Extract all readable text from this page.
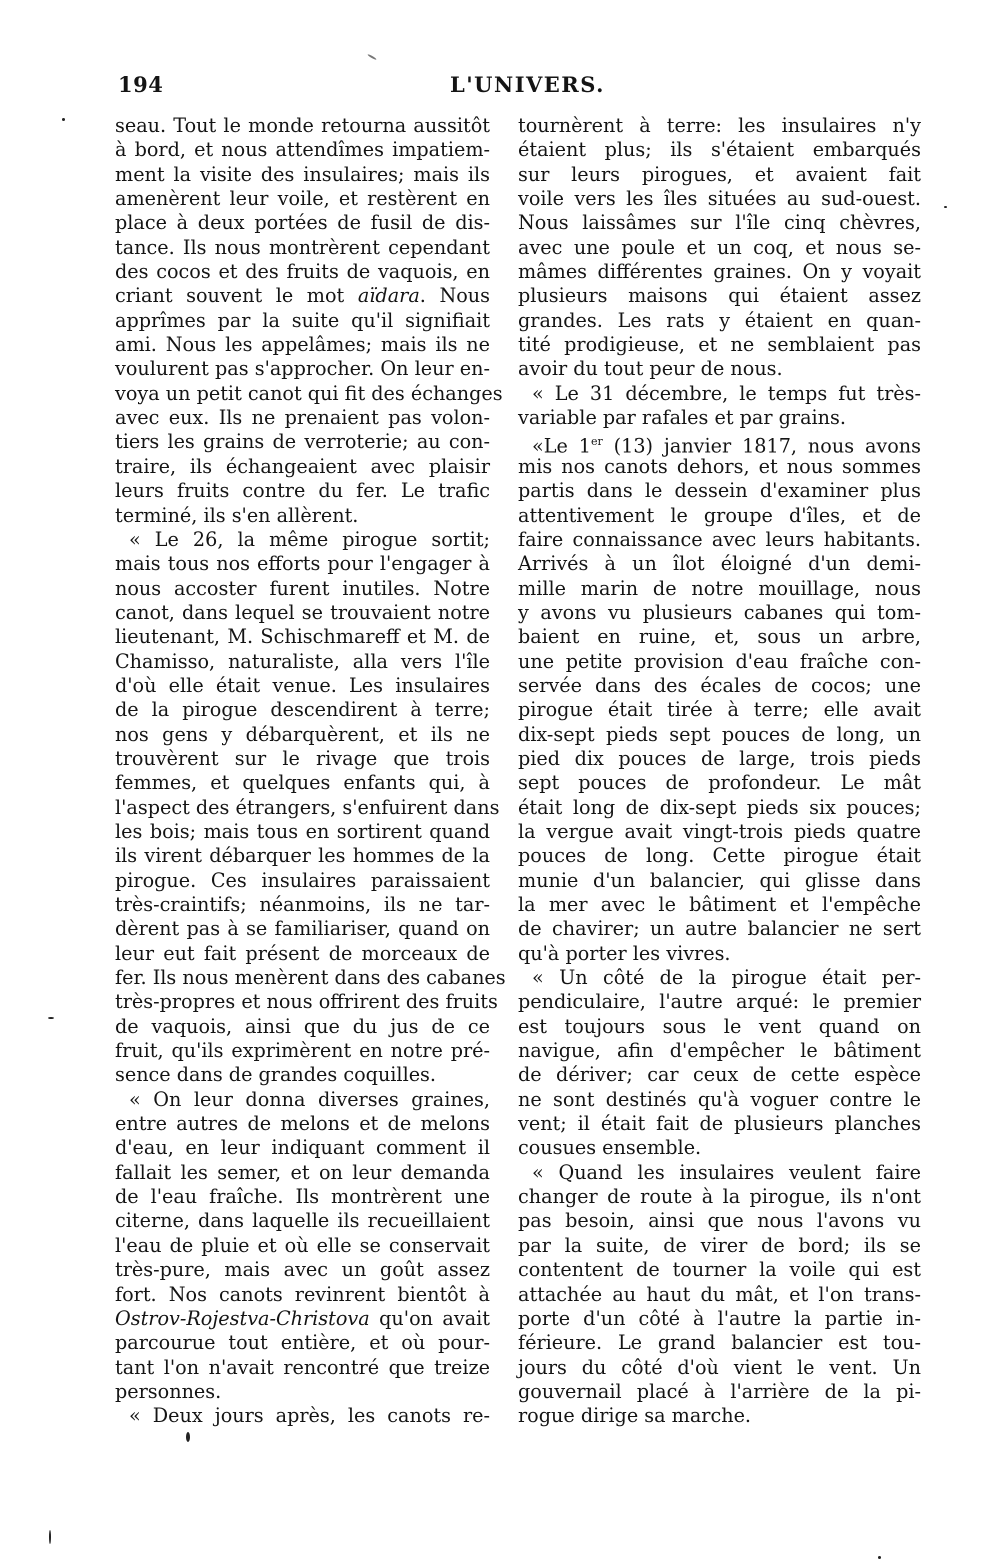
194	L'UNIVERS.
seau. Tout le monde retourna aussitôt
à bord, et nous attendîmes impatiem-
ment la visite des insulaires; mais ils
amenèrent leur voile, et restèrent en
place à deux portées de fusil de dis-
tance. Ils nous montrèrent cependant
des cocos et des fruits de vaquois, en
criant souvent le mot aïdara. Nous
apprîmes par la suite qu'il signifiait
ami. Nous les appelâmes; mais ils ne
voulurent pas s'approcher. On leur en-
voya un petit canot qui fit des échanges
avec eux. Ils ne prenaient pas volon-
tiers les grains de verroterie; au con-
traire, ils échangeaient avec plaisir
leurs fruits contre du fer. Le trafic
terminé, ils s'en allèrent.
« Le 26, la même pirogue sortit;
mais tous nos efforts pour l'engager à
nous accoster furent inutiles. Notre
canot, dans lequel se trouvaient notre
lieutenant, M. Schischmareff et M. de
Chamisso, naturaliste, alla vers l'île
d'où elle était venue. Les insulaires
de la pirogue descendirent à terre;
nos gens y débarquèrent, et ils ne
trouvèrent sur le rivage que trois
femmes, et quelques enfants qui, à
l'aspect des étrangers, s'enfuirent dans
les bois; mais tous en sortirent quand
ils virent débarquer les hommes de la
pirogue. Ces insulaires paraissaient
très-craintifs; néanmoins, ils ne tar-
dèrent pas à se familiariser, quand on
leur eut fait présent de morceaux de
fer. Ils nous menèrent dans des cabanes
très-propres et nous offrirent des fruits
de vaquois, ainsi que du jus de ce
fruit, qu'ils exprimèrent en notre pré-
sence dans de grandes coquilles.
« On leur donna diverses graines,
entre autres de melons et de melons
d'eau, en leur indiquant comment il
fallait les semer, et on leur demanda
de l'eau fraîche. Ils montrèrent une
citerne, dans laquelle ils recueillaient
l'eau de pluie et où elle se conservait
très-pure, mais avec un goût assez
fort. Nos canots revinrent bientôt à
Ostrov-Rojestva-Christova qu'on avait
parcourue tout entière, et où pour-
tant l'on n'avait rencontré que treize
personnes.
« Deux jours après, les canots re-
tournèrent à terre: les insulaires n'y
étaient plus; ils s'étaient embarqués
sur leurs pirogues, et avaient fait
voile vers les îles situées au sud-ouest.
Nous laissâmes sur l'île cinq chèvres,
avec une poule et un coq, et nous se-
mâmes différentes graines. On y voyait
plusieurs maisons qui étaient assez
grandes. Les rats y étaient en quan-
tité prodigieuse, et ne semblaient pas
avoir du tout peur de nous.
« Le 31 décembre, le temps fut très-
variable par rafales et par grains.
«Le 1er (13) janvier 1817, nous avons
mis nos canots dehors, et nous sommes
partis dans le dessein d'examiner plus
attentivement le groupe d'îles, et de
faire connaissance avec leurs habitants.
Arrivés à un îlot éloigné d'un demi-
mille marin de notre mouillage, nous
y avons vu plusieurs cabanes qui tom-
baient en ruine, et, sous un arbre,
une petite provision d'eau fraîche con-
servée dans des écales de cocos; une
pirogue était tirée à terre; elle avait
dix-sept pieds sept pouces de long, un
pied dix pouces de large, trois pieds
sept pouces de profondeur. Le mât
était long de dix-sept pieds six pouces;
la vergue avait vingt-trois pieds quatre
pouces de long. Cette pirogue était
munie d'un balancier, qui glisse dans
la mer avec le bâtiment et l'empêche
de chavirer; un autre balancier ne sert
qu'à porter les vivres.
« Un côté de la pirogue était per-
pendiculaire, l'autre arqué: le premier
est toujours sous le vent quand on
navigue, afin d'empêcher le bâtiment
de dériver; car ceux de cette espèce
ne sont destinés qu'à voguer contre le
vent; il était fait de plusieurs planches
cousues ensemble.
« Quand les insulaires veulent faire
changer de route à la pirogue, ils n'ont
pas besoin, ainsi que nous l'avons vu
par la suite, de virer de bord; ils se
contentent de tourner la voile qui est
attachée au haut du mât, et l'on trans-
porte d'un côté à l'autre la partie in-
férieure. Le grand balancier est tou-
jours du côté d'où vient le vent. Un
gouvernail placé à l'arrière de la pi-
rogue dirige sa marche.
